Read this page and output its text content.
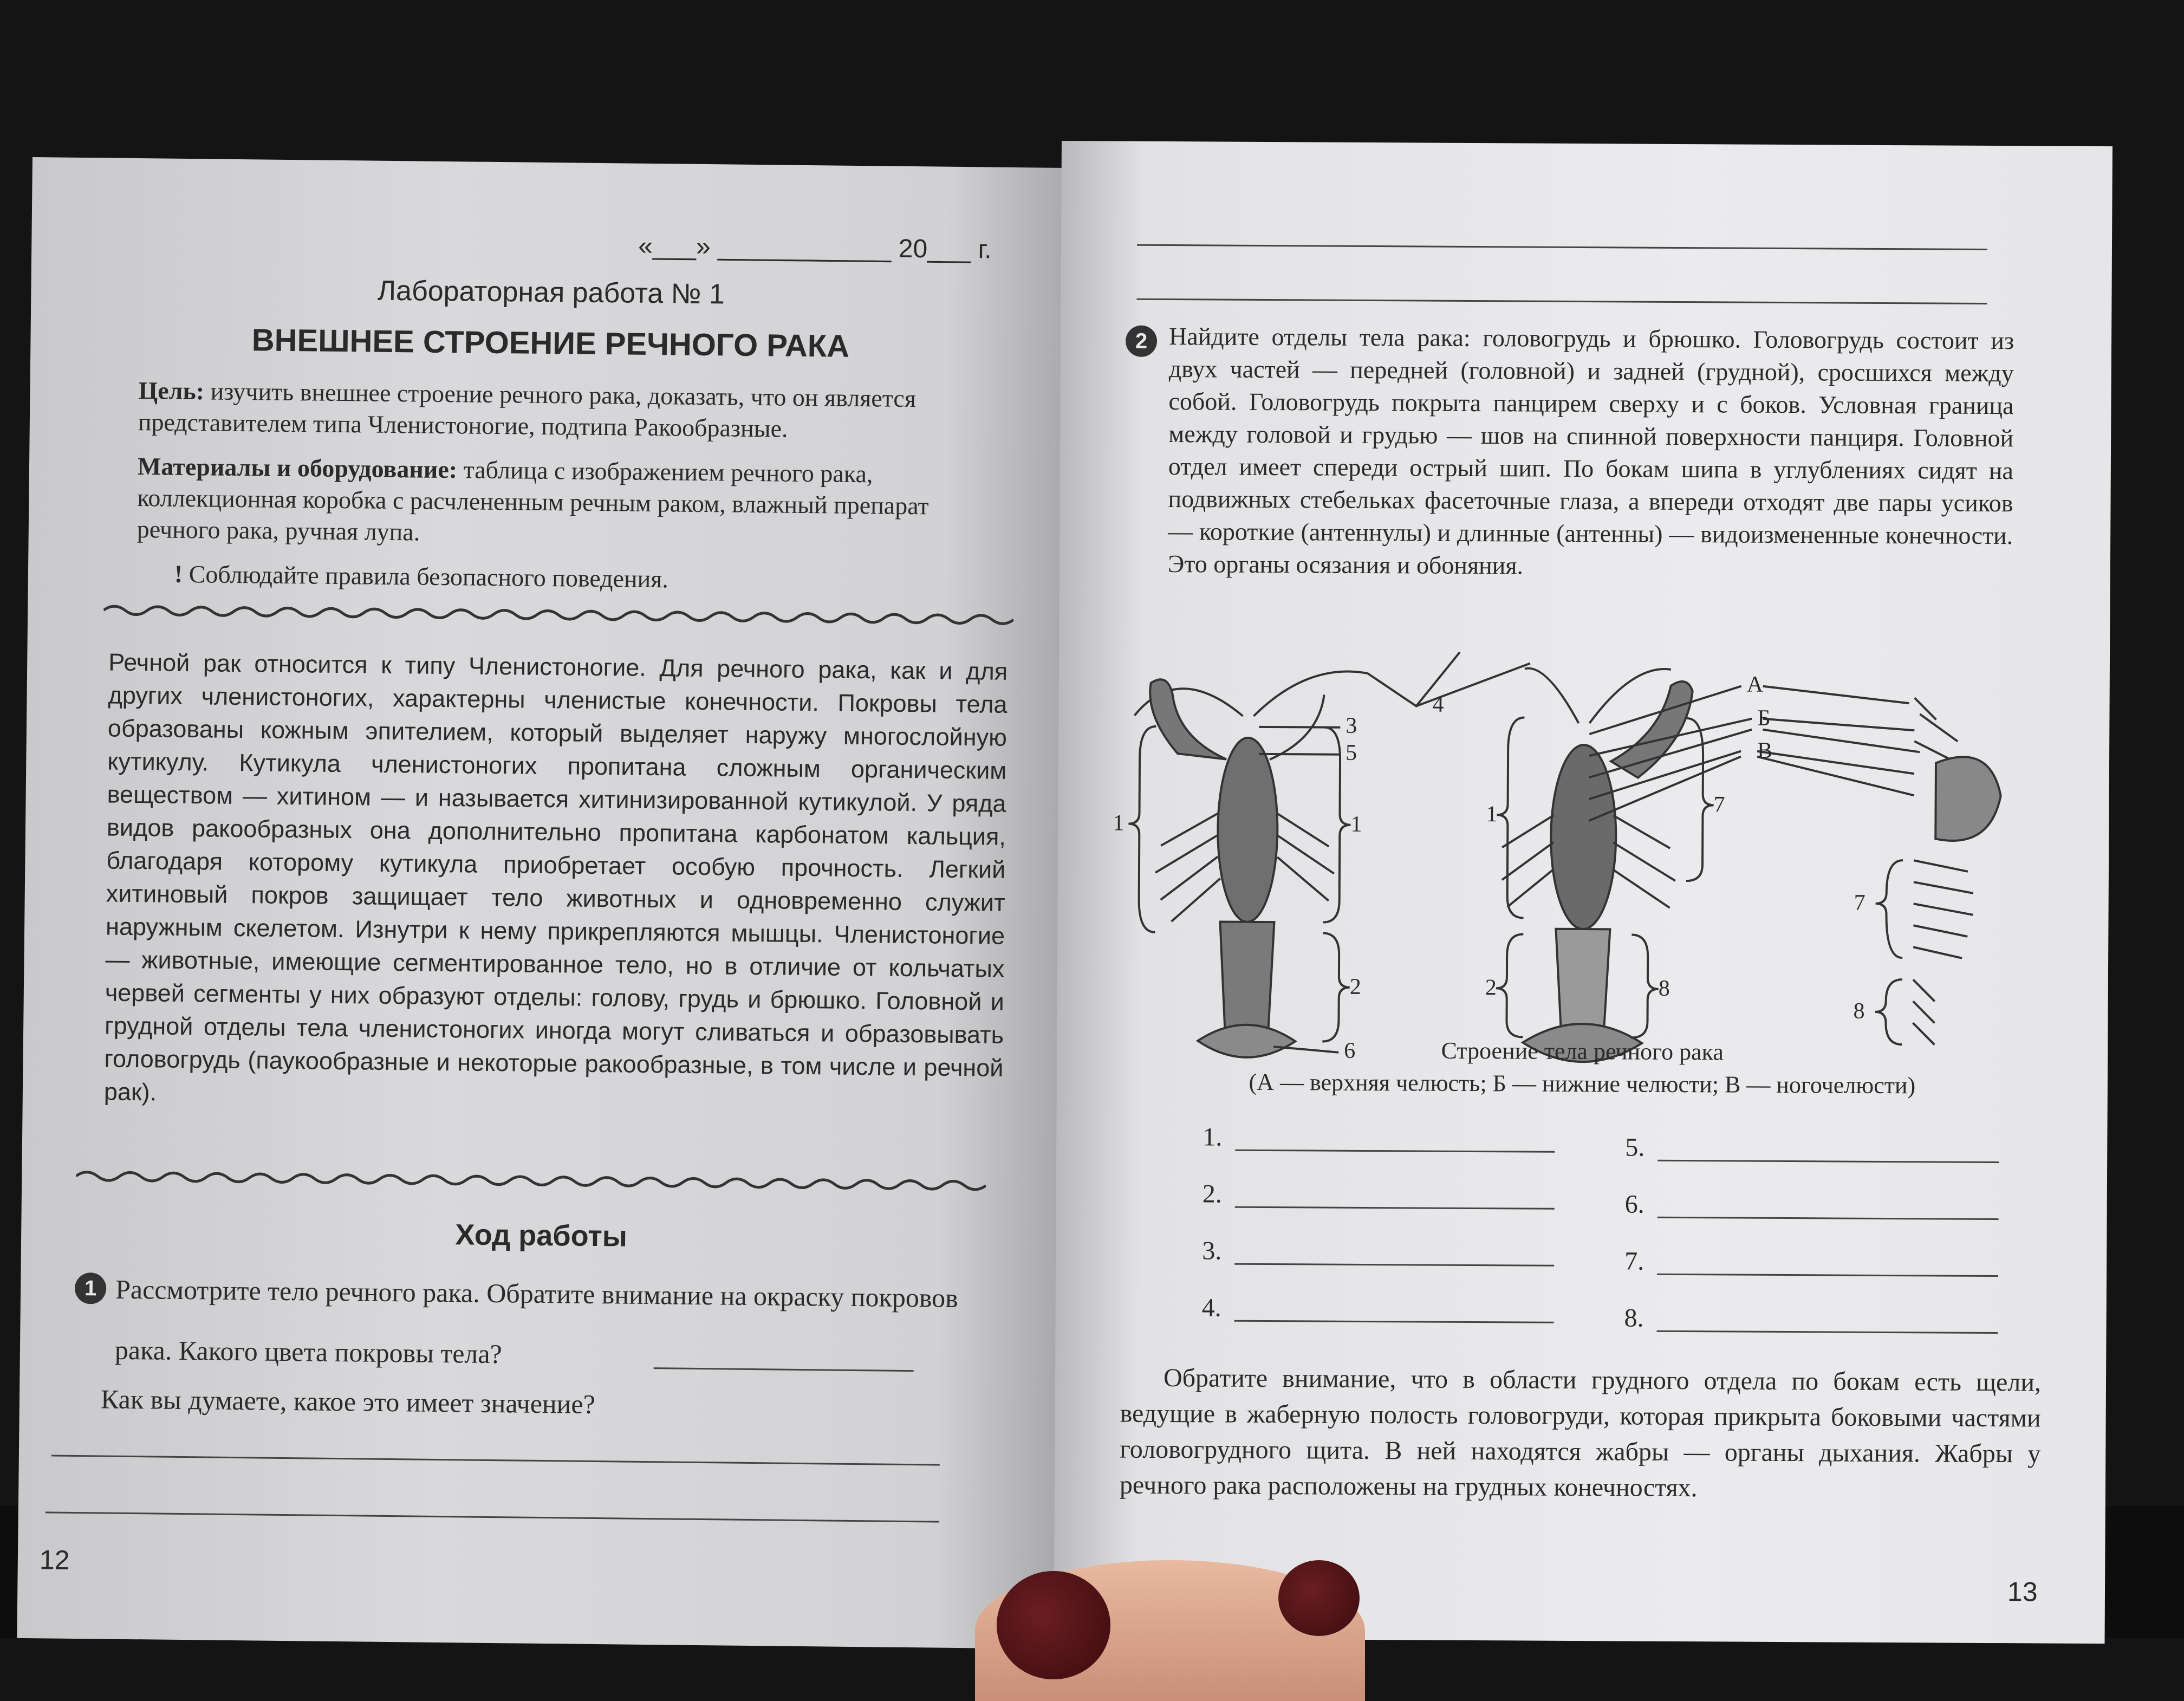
«___» ____________ 20___ г.
Лабораторная работа № 1
ВНЕШНЕЕ СТРОЕНИЕ РЕЧНОГО РАКА

Цель: изучить внешнее строение речного рака, доказать, что он является представителем типа Членистоногие, подтипа Ракообразные.

Материалы и оборудование: таблица с изображением речного рака, коллекционная коробка с расчлененным речным раком, влажный препарат речного рака, ручная лупа.

! Соблюдайте правила безопасного поведения.

Речной рак относится к типу Членистоногие. Для речного рака, как и для других членистоногих, характерны членистые конечности. Покровы тела образованы кожным эпителием, который выделяет наружу многослойную кутикулу. Кутикула членистоногих пропитана сложным органическим веществом — хитином — и называется хитинизированной кутикулой. У ряда видов ракообразных она дополнительно пропитана карбонатом кальция, благодаря которому кутикула приобретает особую прочность. Легкий хитиновый покров защищает тело животных и одновременно служит наружным скелетом. Изнутри к нему прикрепляются мышцы. Членистоногие — животные, имеющие сегментированное тело, но в отличие от кольчатых червей сегменты у них образуют отделы: голову, грудь и брюшко. Головной и грудной отделы тела членистоногих иногда могут сливаться и образовывать головогрудь (паукообразные и некоторые ракообразные, в том числе и речной рак).

Ход работы
1 Рассмотрите тело речного рака. Обратите внимание на окраску покровов рака. Какого цвета покровы тела?

Как вы думаете, какое это имеет значение?

12
2 Найдите отделы тела рака: головогрудь и брюшко. Головогрудь состоит из двух частей — передней (головной) и задней (грудной), сросшихся между собой. Головогрудь покрыта панцирем сверху и с боков. Условная граница между головой и грудью — шов на спинной поверхности панциря. Головной отдел имеет спереди острый шип. По бокам шипа в углублениях сидят на подвижных стебельках фасеточные глаза, а впереди отходят две пары усиков — короткие (антеннулы) и длинные (антенны) — видоизмененные конечности. Это органы осязания и обоняния.

1	1	1
2	2
3
4
5
6
7
7
8
8
А
Б
В
Строение тела речного рака
(А — верхняя челюсть; Б — нижние челюсти; В — ногочелюсти)
1.
2.
3.
4.
5.
6.
7.
8.

Обратите внимание, что в области грудного отдела по бокам есть щели, ведущие в жаберную полость головогруди, которая прикрыта боковыми частями головогрудного щита. В ней находятся жабры — органы дыхания. Жабры у речного рака расположены на грудных конечностях.

13
